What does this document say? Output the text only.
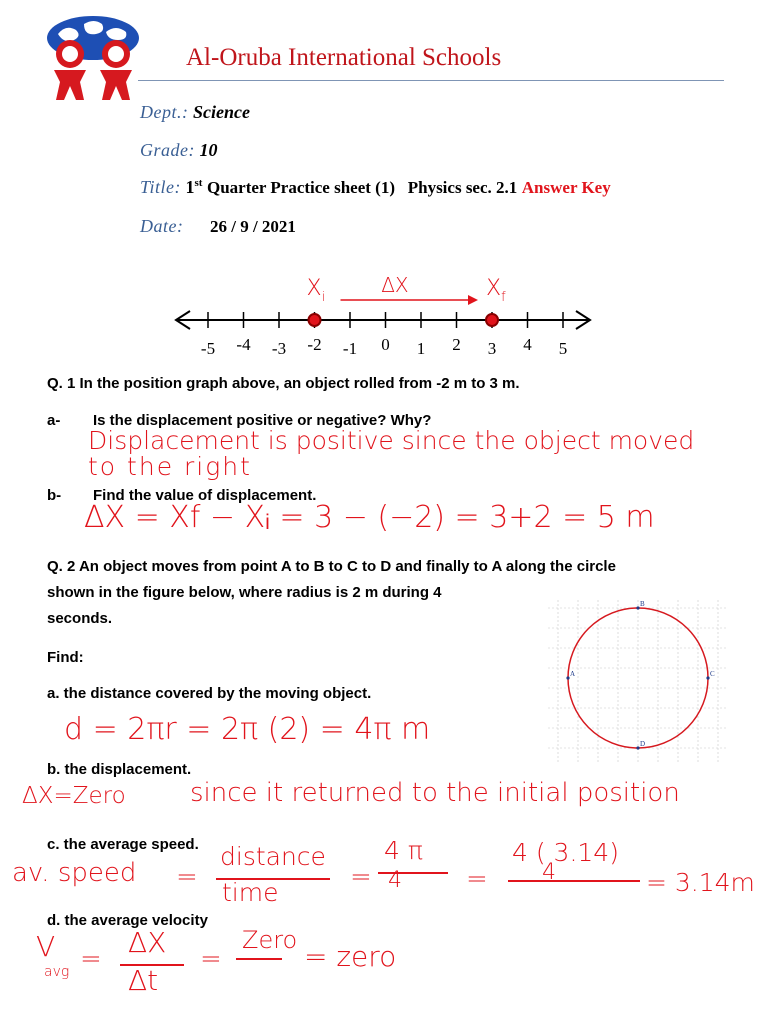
Al-Oruba International Schools
Dept.: Science
Grade: 10
Title: 1st Quarter Practice sheet (1)   Physics sec. 2.1 Answer Key
Date: 26 / 9 / 2021
-5 -4 -3 -2 -1 0 1 2 3 4 5
$X_i$	$X_f$
ΔX
Q. 1 In the position graph above, an object rolled from -2 m to 3 m.
a- Is the displacement positive or negative? Why?
Displacement is positive since the object moved
to the right
b- Find the value of displacement.
ΔX = Xf − Xᵢ = 3 − (−2) = 3+2 = 5 m
Q. 2 An object moves from point A to B to C to D and finally to A along the circle
shown in the figure below, where radius is 2 m during 4
seconds.
Find:
A
B
C
D
a. the distance covered by the moving object.
d = 2πr = 2π (2) = 4π m
b. the displacement.
ΔX=Zero since it returned to the initial position
c. the average speed.
av. speed =
distance
time
=
4 π
4 =
4 ( 3.14)
4	= 3.14m
d. the average velocity
V
avg = ΔX
Δt
=
Zero = zero
